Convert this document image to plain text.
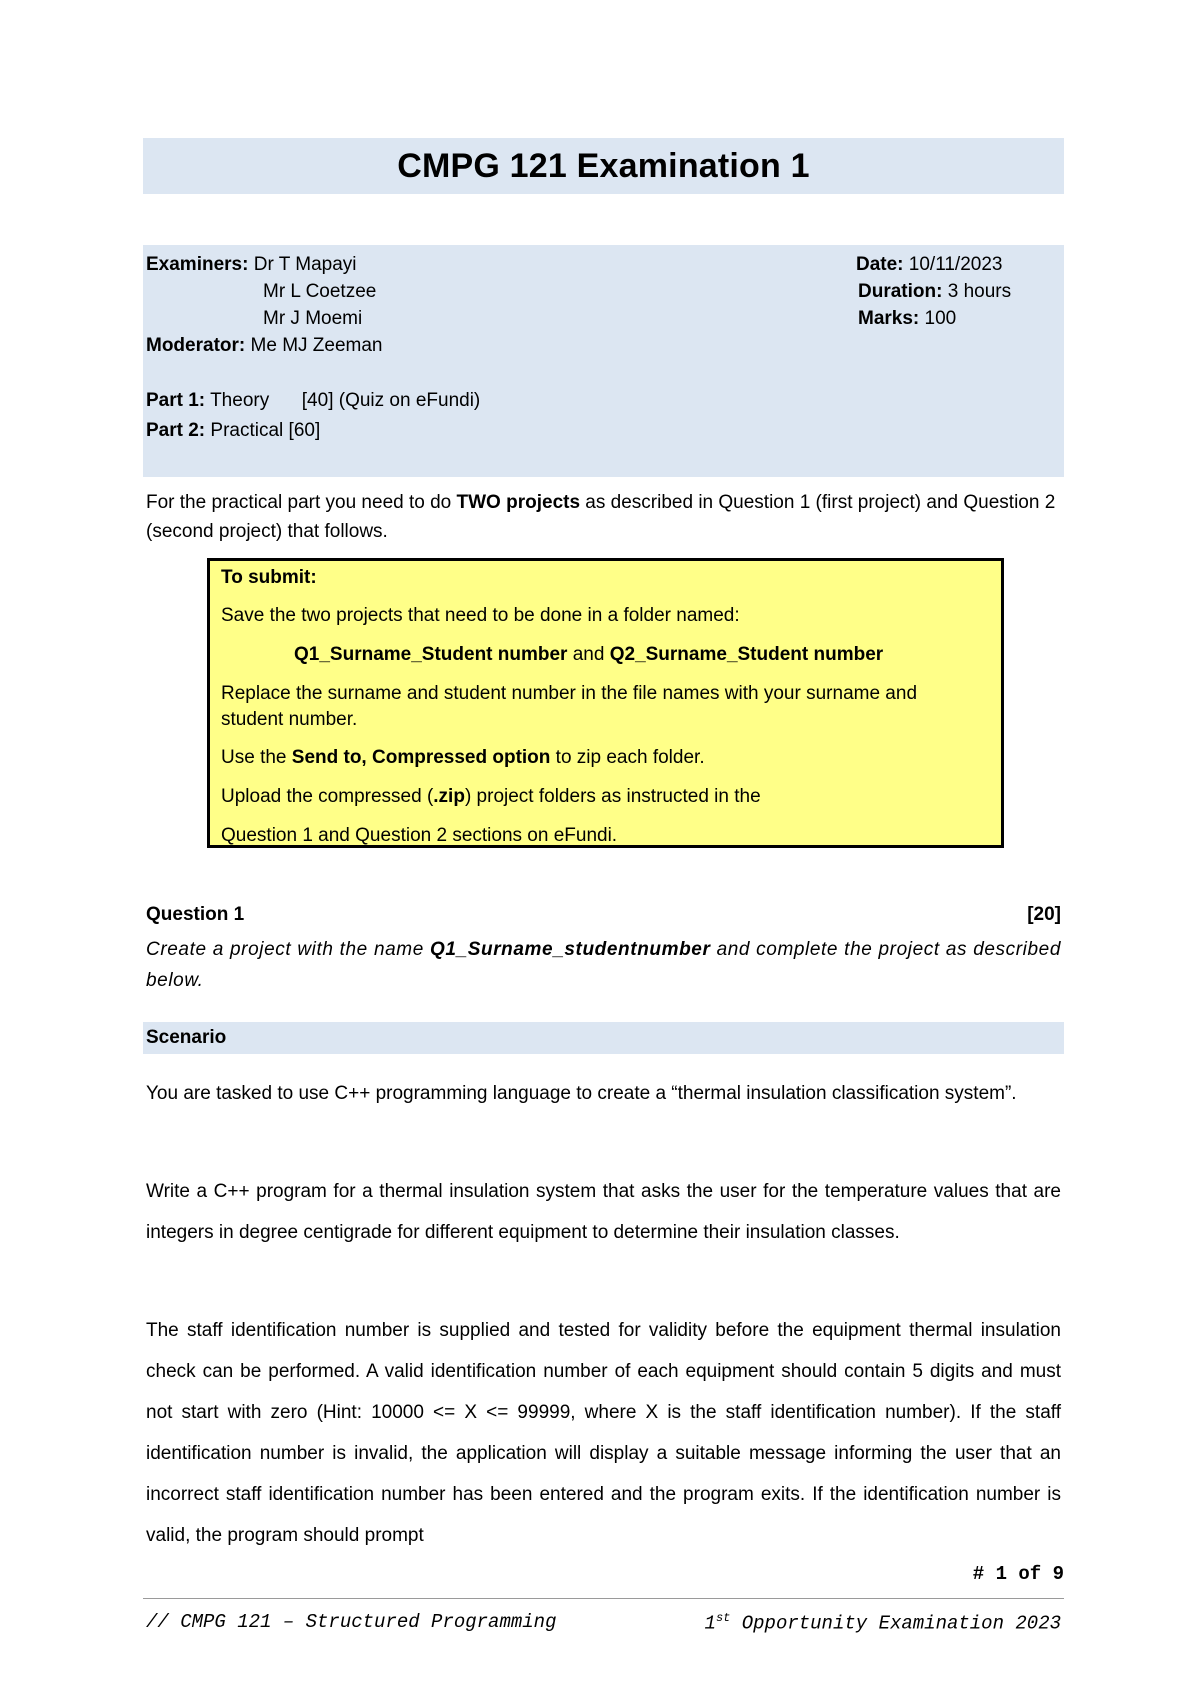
CMPG 121 Examination 1
Examiners: Dr T Mapayi
Mr L Coetzee
Mr J Moemi
Moderator: Me MJ Zeeman
Date: 10/11/2023
Duration: 3 hours
Marks: 100
Part 1: Theory [40] (Quiz on eFundi)
Part 2: Practical [60]
For the practical part you need to do TWO projects as described in Question 1 (first project) and Question 2 (second project) that follows.
To submit:
Save the two projects that need to be done in a folder named:
Q1_Surname_Student number and Q2_Surname_Student number
Replace the surname and student number in the file names with your surname and
student number.
Use the Send to, Compressed option to zip each folder.
Upload the compressed (.zip) project folders as instructed in the
Question 1 and Question 2 sections on eFundi.
Question 1	[20]
Create a project with the name Q1_Surname_studentnumber and complete the project as described below.
Scenario
You are tasked to use C++ programming language to create a “thermal insulation classification system”.
Write a C++ program for a thermal insulation system that asks the user for the temperature values that are integers in degree centigrade for different equipment to determine their insulation classes.
The staff identification number is supplied and tested for validity before the equipment thermal insulation check can be performed. A valid identification number of each equipment should contain 5 digits and must not start with zero (Hint: 10000 <= X <= 99999, where X is the staff identification number). If the staff identification number is invalid, the application will display a suitable message informing the user that an incorrect staff identification number has been entered and the program exits. If the identification number is valid, the program should prompt
# 1 of 9
// CMPG 121 – Structured Programming	1st Opportunity Examination 2023
